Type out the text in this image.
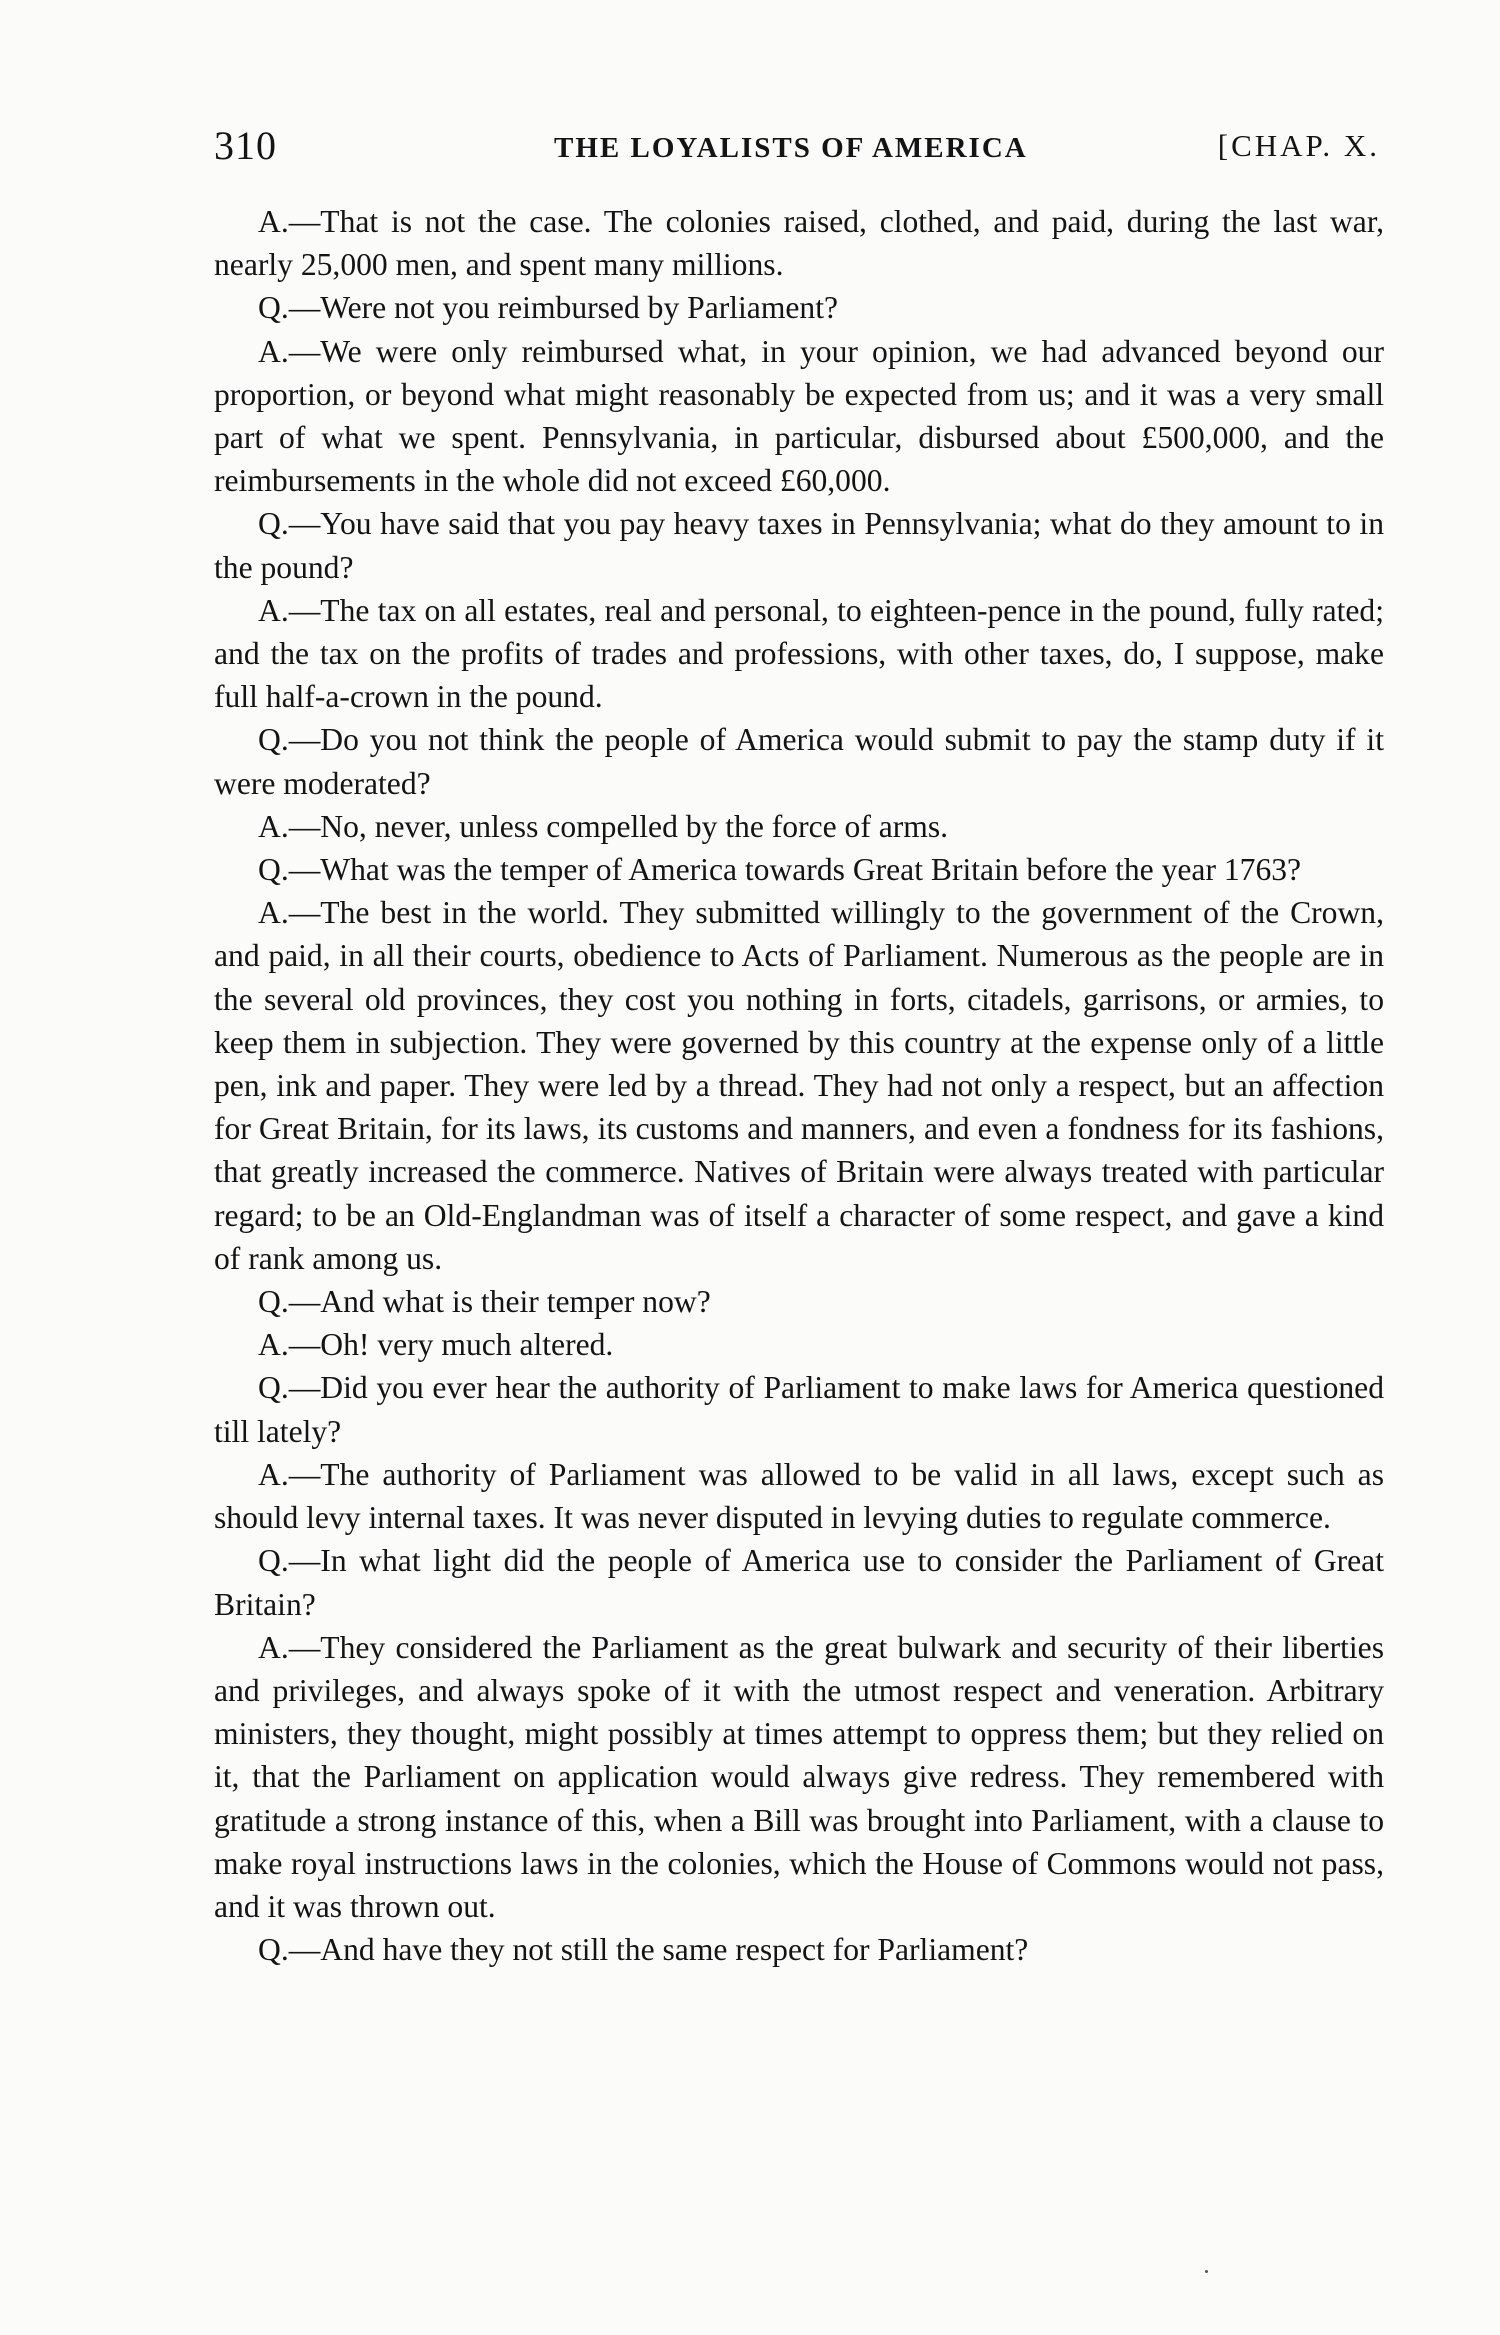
310	THE LOYALISTS OF AMERICA	[CHAP. X.

A.—That is not the case. The colonies raised, clothed, and paid, during the last war, nearly 25,000 men, and spent many millions.

Q.—Were not you reimbursed by Parliament?

A.—We were only reimbursed what, in your opinion, we had advanced beyond our proportion, or beyond what might reasonably be expected from us; and it was a very small part of what we spent. Pennsylvania, in particular, disbursed about £500,000, and the reimbursements in the whole did not exceed £60,000.

Q.—You have said that you pay heavy taxes in Pennsylvania; what do they amount to in the pound?

A.—The tax on all estates, real and personal, to eighteen-pence in the pound, fully rated; and the tax on the profits of trades and professions, with other taxes, do, I suppose, make full half-a-crown in the pound.

Q.—Do you not think the people of America would submit to pay the stamp duty if it were moderated?

A.—No, never, unless compelled by the force of arms.

Q.—What was the temper of America towards Great Britain before the year 1763?

A.—The best in the world. They submitted willingly to the government of the Crown, and paid, in all their courts, obedience to Acts of Parliament. Numerous as the people are in the several old provinces, they cost you nothing in forts, citadels, garrisons, or armies, to keep them in subjection. They were governed by this country at the expense only of a little pen, ink and paper. They were led by a thread. They had not only a respect, but an affection for Great Britain, for its laws, its customs and manners, and even a fondness for its fashions, that greatly increased the commerce. Natives of Britain were always treated with particular regard; to be an Old-Englandman was of itself a character of some respect, and gave a kind of rank among us.

Q.—And what is their temper now?

A.—Oh! very much altered.

Q.—Did you ever hear the authority of Parliament to make laws for America questioned till lately?

A.—The authority of Parliament was allowed to be valid in all laws, except such as should levy internal taxes. It was never disputed in levying duties to regulate commerce.

Q.—In what light did the people of America use to consider the Parliament of Great Britain?

A.—They considered the Parliament as the great bulwark and security of their liberties and privileges, and always spoke of it with the utmost respect and veneration. Arbitrary ministers, they thought, might possibly at times attempt to oppress them; but they relied on it, that the Parliament on application would always give redress. They remembered with gratitude a strong instance of this, when a Bill was brought into Parliament, with a clause to make royal instructions laws in the colonies, which the House of Commons would not pass, and it was thrown out.

Q.—And have they not still the same respect for Parliament?
